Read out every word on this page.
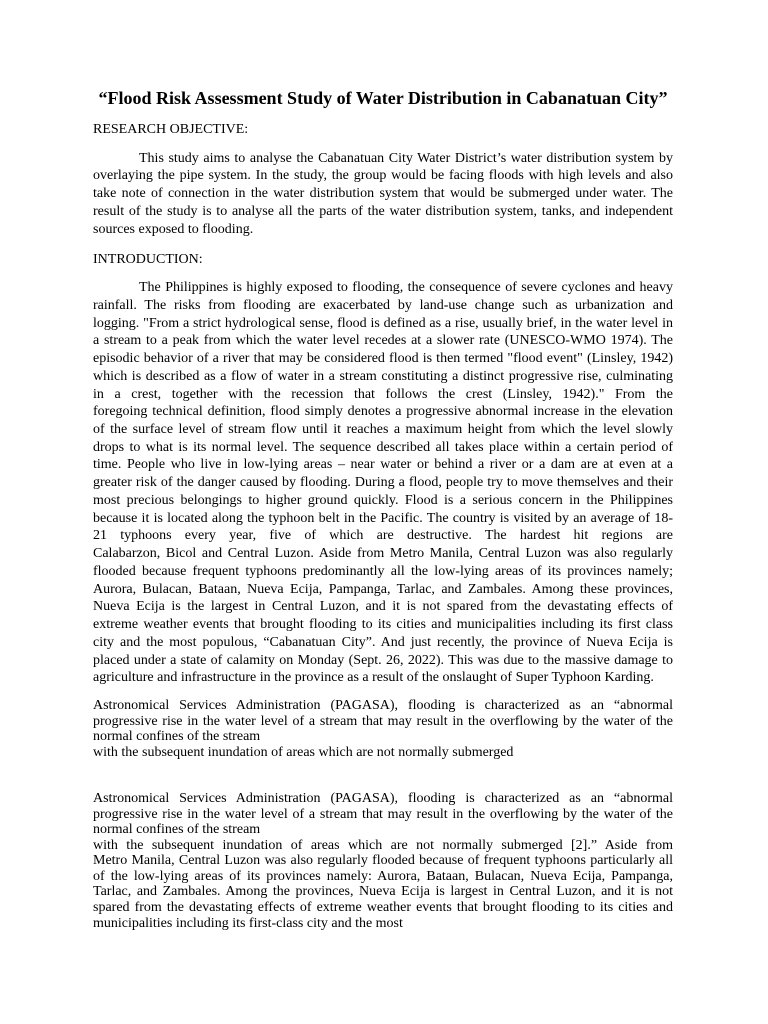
“Flood Risk Assessment Study of Water Distribution in Cabanatuan City”
RESEARCH OBJECTIVE:
This study aims to analyse the Cabanatuan City Water District’s water distribution system by
overlaying the pipe system. In the study, the group would be facing floods with high levels and also
take note of connection in the water distribution system that would be submerged under water. The
result of the study is to analyse all the parts of the water distribution system, tanks, and independent
sources exposed to flooding.
INTRODUCTION:
The Philippines is highly exposed to flooding, the consequence of severe cyclones and heavy
rainfall. The risks from flooding are exacerbated by land-use change such as urbanization and
logging. "From a strict hydrological sense, flood is defined as a rise, usually brief, in the water level in
a stream to a peak from which the water level recedes at a slower rate (UNESCO-WMO 1974). The
episodic behavior of a river that may be considered flood is then termed "flood event" (Linsley, 1942)
which is described as a flow of water in a stream constituting a distinct progressive rise, culminating
in a crest, together with the recession that follows the crest (Linsley, 1942)." From the
foregoing technical definition, flood simply denotes a progressive abnormal increase in the elevation
of the surface level of stream flow until it reaches a maximum height from which the level slowly
drops to what is its normal level. The sequence described all takes place within a certain period of
time. People who live in low-lying areas – near water or behind a river or a dam are at even at a
greater risk of the danger caused by flooding. During a flood, people try to move themselves and their
most precious belongings to higher ground quickly. Flood is a serious concern in the Philippines
because it is located along the typhoon belt in the Pacific. The country is visited by an average of 18-
21 typhoons every year, five of which are destructive. The hardest hit regions are
Calabarzon, Bicol and Central Luzon. Aside from Metro Manila, Central Luzon was also regularly
flooded because frequent typhoons predominantly all the low-lying areas of its provinces namely;
Aurora, Bulacan, Bataan, Nueva Ecija, Pampanga, Tarlac, and Zambales. Among these provinces,
Nueva Ecija is the largest in Central Luzon, and it is not spared from the devastating effects of
extreme weather events that brought flooding to its cities and municipalities including its first class
city and the most populous, “Cabanatuan City”. And just recently, the province of Nueva Ecija is
placed under a state of calamity on Monday (Sept. 26, 2022). This was due to the massive damage to
agriculture and infrastructure in the province as a result of the onslaught of Super Typhoon Karding.
Astronomical Services Administration (PAGASA), flooding is characterized as an “abnormal
progressive rise in the water level of a stream that may result in the overflowing by the water of the
normal confines of the stream
with the subsequent inundation of areas which are not normally submerged
Astronomical Services Administration (PAGASA), flooding is characterized as an “abnormal
progressive rise in the water level of a stream that may result in the overflowing by the water of the
normal confines of the stream
with the subsequent inundation of areas which are not normally submerged [2].” Aside from
Metro Manila, Central Luzon was also regularly flooded because of frequent typhoons particularly all
of the low-lying areas of its provinces namely: Aurora, Bataan, Bulacan, Nueva Ecija, Pampanga,
Tarlac, and Zambales. Among the provinces, Nueva Ecija is largest in Central Luzon, and it is not
spared from the devastating effects of extreme weather events that brought flooding to its cities and
municipalities including its first-class city and the most
